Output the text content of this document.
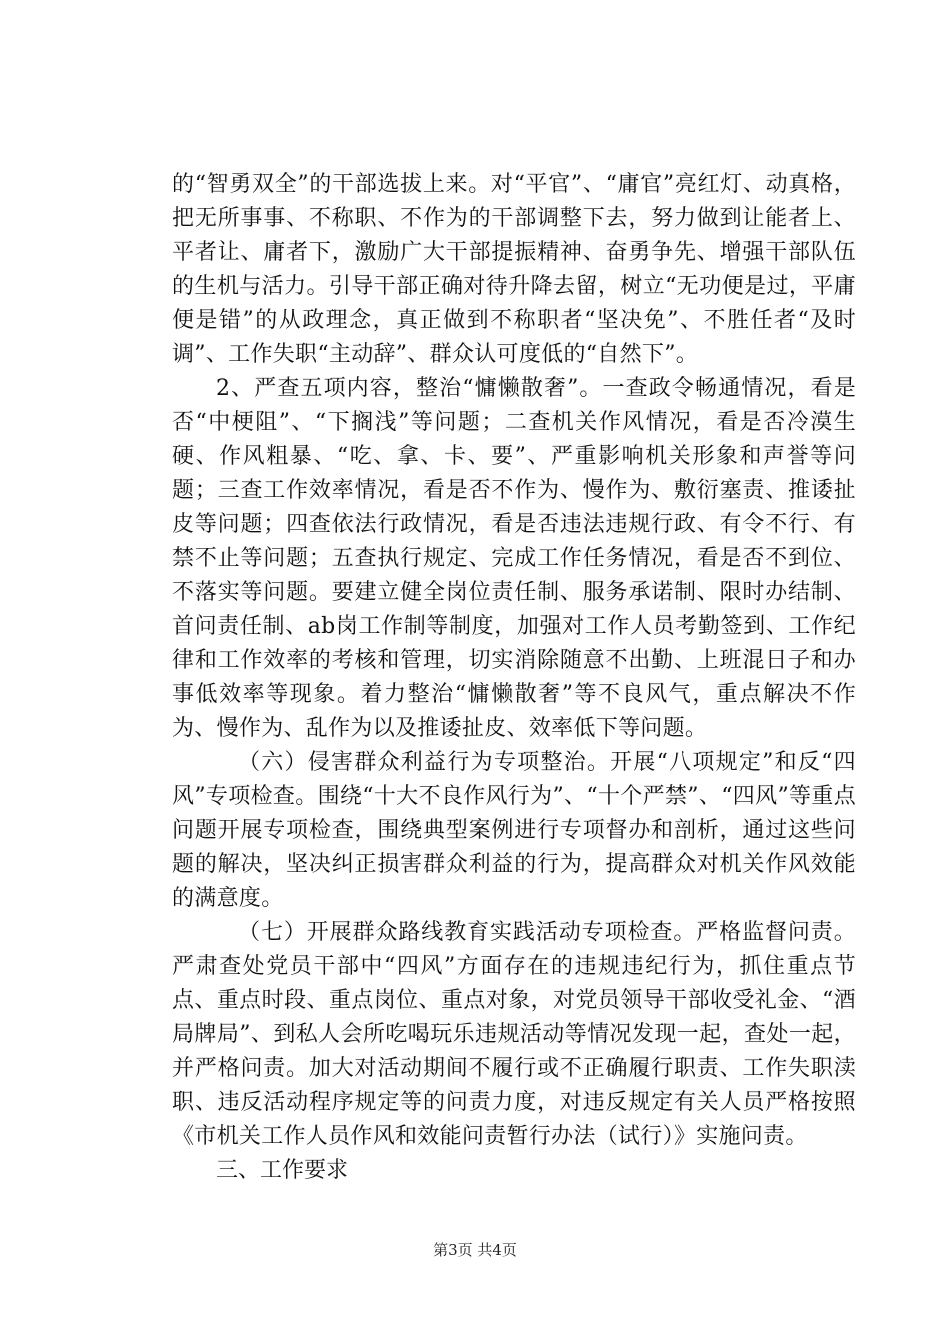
的“智勇双全”的干部选拔上来。对“平官”、“庸官”亮红灯、动真格，把无所事事、不称职、不作为的干部调整下去，努力做到让能者上、平者让、庸者下，激励广大干部提振精神、奋勇争先、增强干部队伍的生机与活力。引导干部正确对待升降去留，树立“无功便是过，平庸便是错”的从政理念，真正做到不称职者“坚决免”、不胜任者“及时调”、工作失职“主动辞”、群众认可度低的“自然下”。

2、严查五项内容，整治“慵懒散奢”。一查政令畅通情况，看是否“中梗阻”、“下搁浅”等问题；二查机关作风情况，看是否冷漠生硬、作风粗暴、“吃、拿、卡、要”、严重影响机关形象和声誉等问题；三查工作效率情况，看是否不作为、慢作为、敷衍塞责、推诿扯皮等问题；四查依法行政情况，看是否违法违规行政、有令不行、有禁不止等问题；五查执行规定、完成工作任务情况，看是否不到位、不落实等问题。要建立健全岗位责任制、服务承诺制、限时办结制、首问责任制、ab岗工作制等制度，加强对工作人员考勤签到、工作纪律和工作效率的考核和管理，切实消除随意不出勤、上班混日子和办事低效率等现象。着力整治“慵懒散奢”等不良风气，重点解决不作为、慢作为、乱作为以及推诿扯皮、效率低下等问题。

（六）侵害群众利益行为专项整治。开展“八项规定”和反“四风”专项检查。围绕“十大不良作风行为”、“十个严禁”、“四风”等重点问题开展专项检查，围绕典型案例进行专项督办和剖析，通过这些问题的解决，坚决纠正损害群众利益的行为，提高群众对机关作风效能的满意度。

（七）开展群众路线教育实践活动专项检查。严格监督问责。严肃查处党员干部中“四风”方面存在的违规违纪行为，抓住重点节点、重点时段、重点岗位、重点对象，对党员领导干部收受礼金、“酒局牌局”、到私人会所吃喝玩乐违规活动等情况发现一起，查处一起，并严格问责。加大对活动期间不履行或不正确履行职责、工作失职渎职、违反活动程序规定等的问责力度，对违反规定有关人员严格按照《市机关工作人员作风和效能问责暂行办法（试行）》实施问责。

三、工作要求

第3页 共4页
